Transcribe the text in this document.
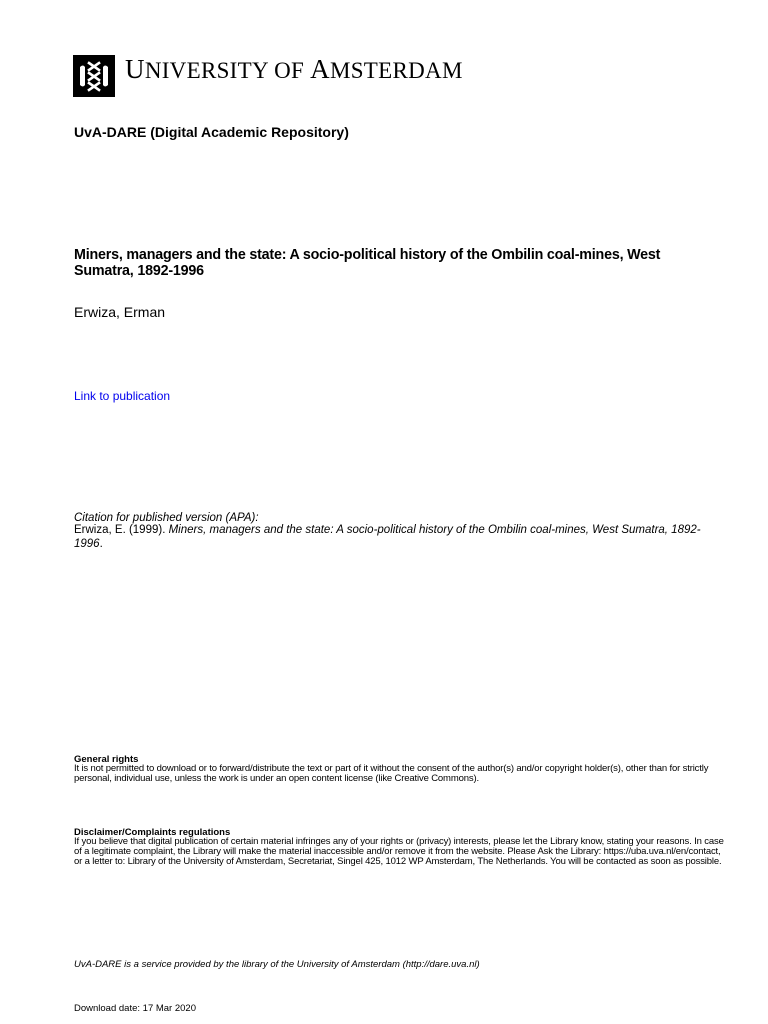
UNIVERSITY OF AMSTERDAM
UvA-DARE (Digital Academic Repository)
Miners, managers and the state: A socio-political history of the Ombilin coal-mines, West Sumatra, 1892-1996
Erwiza, Erman
Link to publication
Citation for published version (APA):
Erwiza, E. (1999). Miners, managers and the state: A socio-political history of the Ombilin coal-mines, West Sumatra, 1892-1996.
General rights
It is not permitted to download or to forward/distribute the text or part of it without the consent of the author(s) and/or copyright holder(s), other than for strictly personal, individual use, unless the work is under an open content license (like Creative Commons).
Disclaimer/Complaints regulations
If you believe that digital publication of certain material infringes any of your rights or (privacy) interests, please let the Library know, stating your reasons. In case of a legitimate complaint, the Library will make the material inaccessible and/or remove it from the website. Please Ask the Library: https://uba.uva.nl/en/contact, or a letter to: Library of the University of Amsterdam, Secretariat, Singel 425, 1012 WP Amsterdam, The Netherlands. You will be contacted as soon as possible.
UvA-DARE is a service provided by the library of the University of Amsterdam (http://dare.uva.nl)
Download date: 17 Mar 2020
